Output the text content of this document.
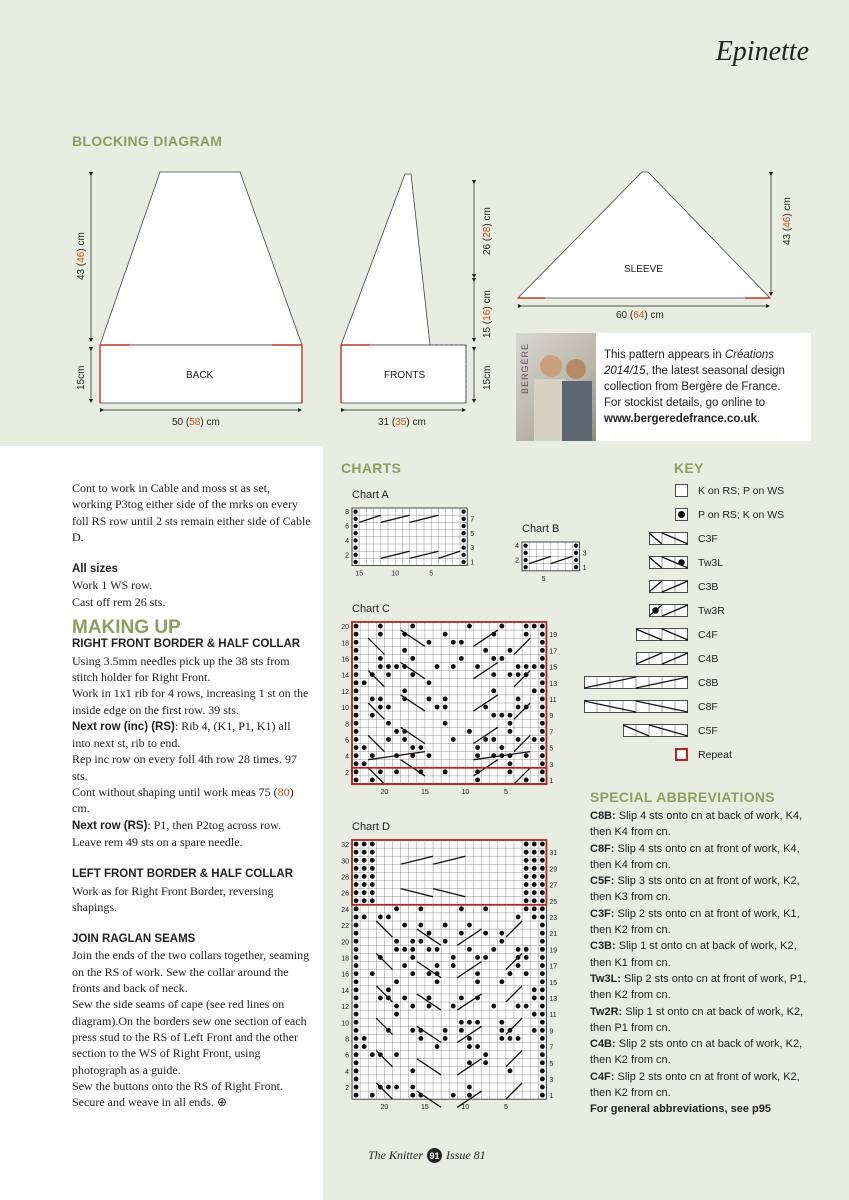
Epinette
BLOCKING DIAGRAM
BACK
43 (46) cm
15cm
50 (58) cm
FRONTS
26 (28) cm
15 (16) cm
15cm
31 (35) cm
SLEEVE
43 (46) cm
60 (64) cm
BERGÈRE	This pattern appears in Créations
2014/15, the latest seasonal design
collection from Bergère de France.
For stockist details, go online to
www.bergeredefrance.co.uk.

Cont to work in Cable and moss st as set, working P3tog either side of the mrks on every foll RS row until 2 sts remain either side of Cable D.

All sizes

Work 1 WS row.

Cast off rem 26 sts.

MAKING UP

RIGHT FRONT BORDER & HALF COLLAR

Using 3.5mm needles pick up the 38 sts from stitch holder for Right Front.

Work in 1x1 rib for 4 rows, increasing 1 st on the inside edge on the first row. 39 sts.

Next row (inc) (RS): Rib 4, (K1, P1, K1) all into next st, rib to end.

Rep inc row on every foll 4th row 28 times. 97 sts.

Cont without shaping until work meas 75 (80) cm.

Next row (RS): P1, then P2tog across row. Leave rem 49 sts on a spare needle.

LEFT FRONT BORDER & HALF COLLAR

Work as for Right Front Border, reversing shapings.

JOIN RAGLAN SEAMS

Join the ends of the two collars together, seaming on the RS of work. Sew the collar around the fronts and back of neck.

Sew the side seams of cape (see red lines on diagram).On the borders sew one section of each press stud to the RS of Left Front and the other section to the WS of Right Front, using photograph as a guide.

Sew the buttons onto the RS of Right Front. Secure and weave in all ends. ⊕

CHARTS
Chart A
Chart B
Chart C
Chart D
8
6
4
2
7
5
3
1
15	10	5
4
2
3
1
5
20
18
16
14
12
10
8
6
4
2
19
17
15
13
11
9
7
5
3
1
20	15	10	5
32
30
28
26
24
22
20
18
16
14
12
10
8
6
4
2
31
29
27
25
23
21
19
17
15
13
11
9
7
5
3
1
20	15	10	5
KEY
K on RS; P on WS
P on RS; K on WS
C3F
Tw3L
C3B
Tw3R
C4F
C4B
C8B
C8F
C5F
Repeat
SPECIAL ABBREVIATIONS

C8B: Slip 4 sts onto cn at back of work, K4, then K4 from cn.

C8F: Slip 4 sts onto cn at front of work, K4, then K4 from cn.

C5F: Slip 3 sts onto cn at front of work, K2, then K3 from cn.

C3F: Slip 2 sts onto cn at front of work, K1, then K2 from cn.

C3B: Slip 1 st onto cn at back of work, K2, then K1 from cn.

Tw3L: Slip 2 sts onto cn at front of work, P1, then K2 from cn.

Tw2R: Slip 1 st onto cn at back of work, K2, then P1 from cn.

C4B: Slip 2 sts onto cn at back of work, K2, then K2 from cn.

C4F: Slip 2 sts onto cn at front of work, K2, then K2 from cn.

For general abbreviations, see p95

The Knitter 91 Issue 81
